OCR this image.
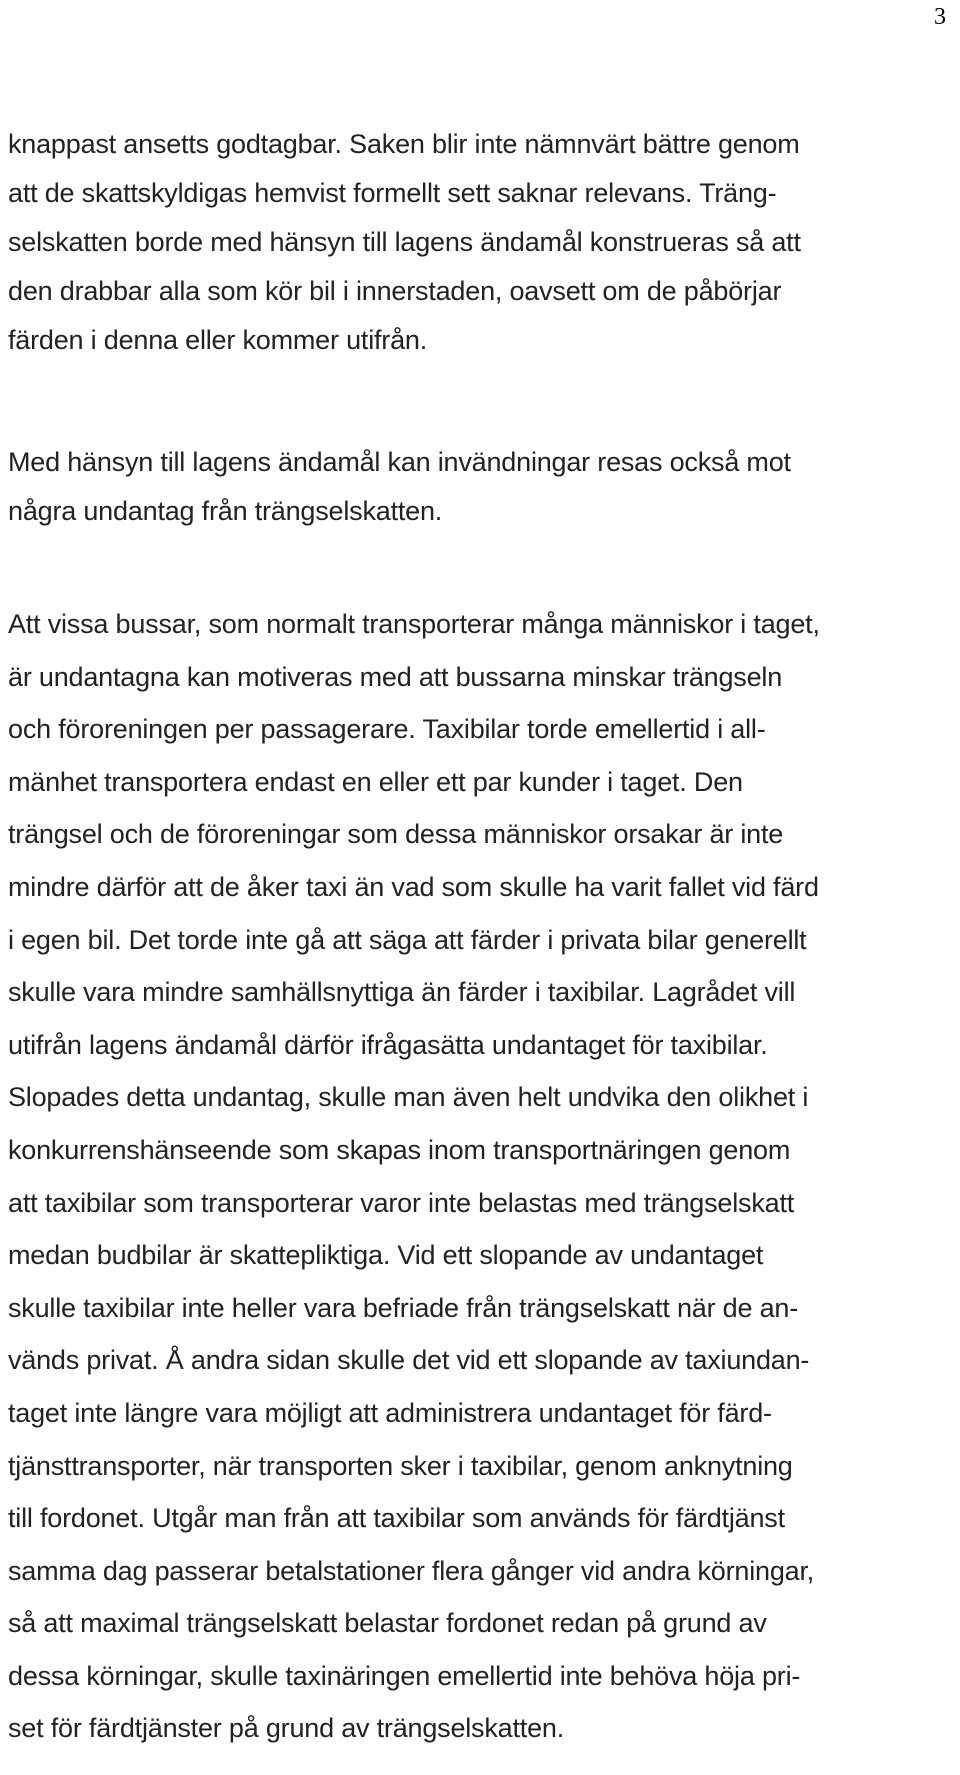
3
knappast ansetts godtagbar. Saken blir inte nämnvärt bättre genom
att de skattskyldigas hemvist formellt sett saknar relevans. Träng-
selskatten borde med hänsyn till lagens ändamål konstrueras så att
den drabbar alla som kör bil i innerstaden, oavsett om de påbörjar
färden i denna eller kommer utifrån.
Med hänsyn till lagens ändamål kan invändningar resas också mot
några undantag från trängselskatten.
Att vissa bussar, som normalt transporterar många människor i taget,
är undantagna kan motiveras med att bussarna minskar trängseln
och föroreningen per passagerare. Taxibilar torde emellertid i all-
mänhet transportera endast en eller ett par kunder i taget. Den
trängsel och de föroreningar som dessa människor orsakar är inte
mindre därför att de åker taxi än vad som skulle ha varit fallet vid färd
i egen bil. Det torde inte gå att säga att färder i privata bilar generellt
skulle vara mindre samhällsnyttiga än färder i taxibilar. Lagrådet vill
utifrån lagens ändamål därför ifrågasätta undantaget för taxibilar.
Slopades detta undantag, skulle man även helt undvika den olikhet i
konkurrenshänseende som skapas inom transportnäringen genom
att taxibilar som transporterar varor inte belastas med trängselskatt
medan budbilar är skattepliktiga. Vid ett slopande av undantaget
skulle taxibilar inte heller vara befriade från trängselskatt när de an-
vänds privat. Å andra sidan skulle det vid ett slopande av taxiundan-
taget inte längre vara möjligt att administrera undantaget för färd-
tjänsttransporter, när transporten sker i taxibilar, genom anknytning
till fordonet. Utgår man från att taxibilar som används för färdtjänst
samma dag passerar betalstationer flera gånger vid andra körningar,
så att maximal trängselskatt belastar fordonet redan på grund av
dessa körningar, skulle taxinäringen emellertid inte behöva höja pri-
set för färdtjänster på grund av trängselskatten.
